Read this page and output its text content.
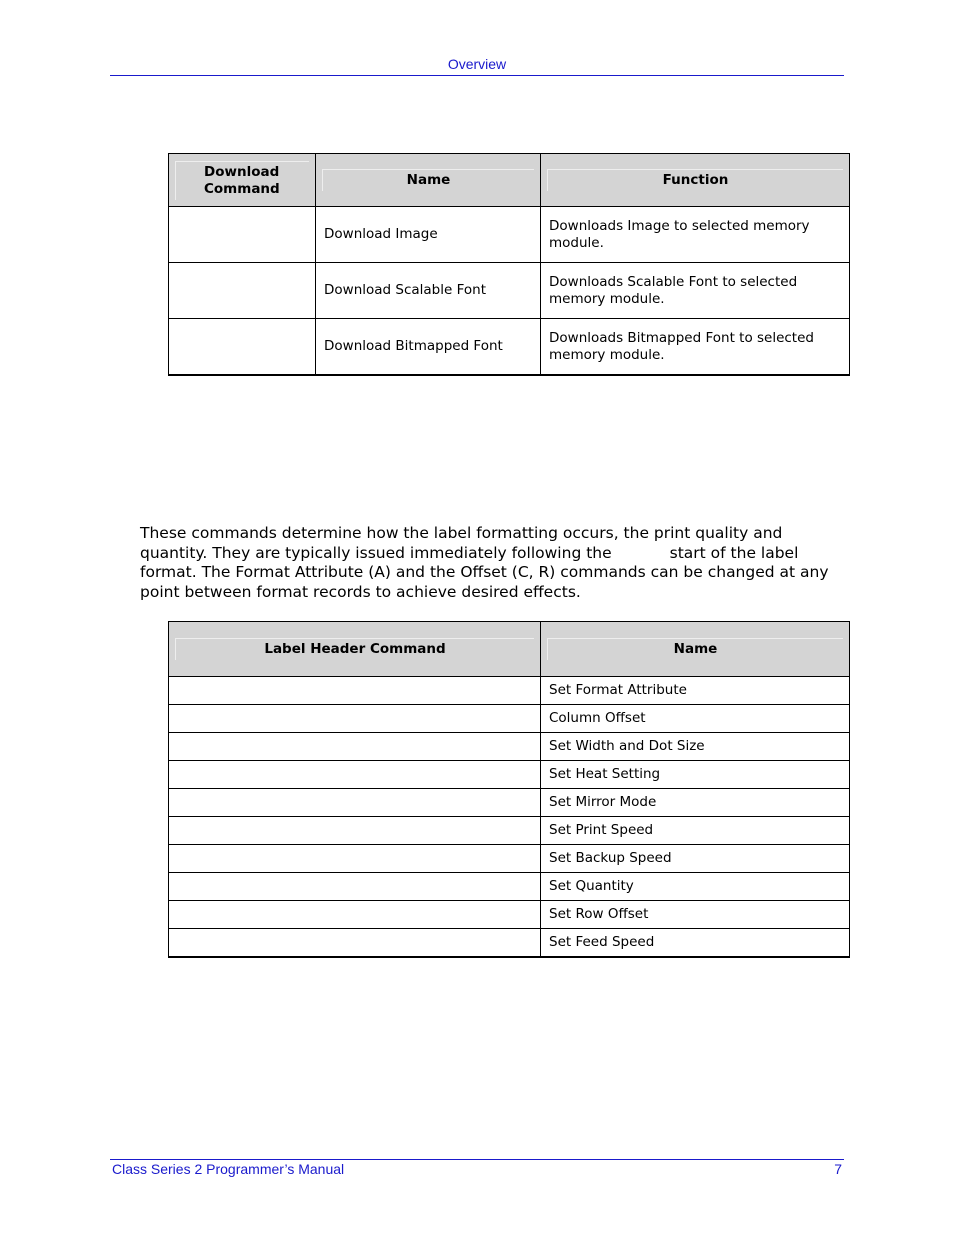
Overview
Download Command	Name	Function

	Download Image	Downloads Image to selected memory module.
	Download Scalable Font	Downloads Scalable Font to selected memory module.
	Download Bitmapped Font	Downloads Bitmapped Font to selected memory module.
These commands determine how the label formatting occurs, the print quality and quantity. They are typically issued immediately following the	start of the label format. The Format Attribute (A) and the Offset (C, R) commands can be changed at any point between format records to achieve desired effects.
Label Header Command	Name

	Set Format Attribute
	Column Offset
	Set Width and Dot Size
	Set Heat Setting
	Set Mirror Mode
	Set Print Speed
	Set Backup Speed
	Set Quantity
	Set Row Offset
	Set Feed Speed
Class Series 2 Programmer’s Manual	7
